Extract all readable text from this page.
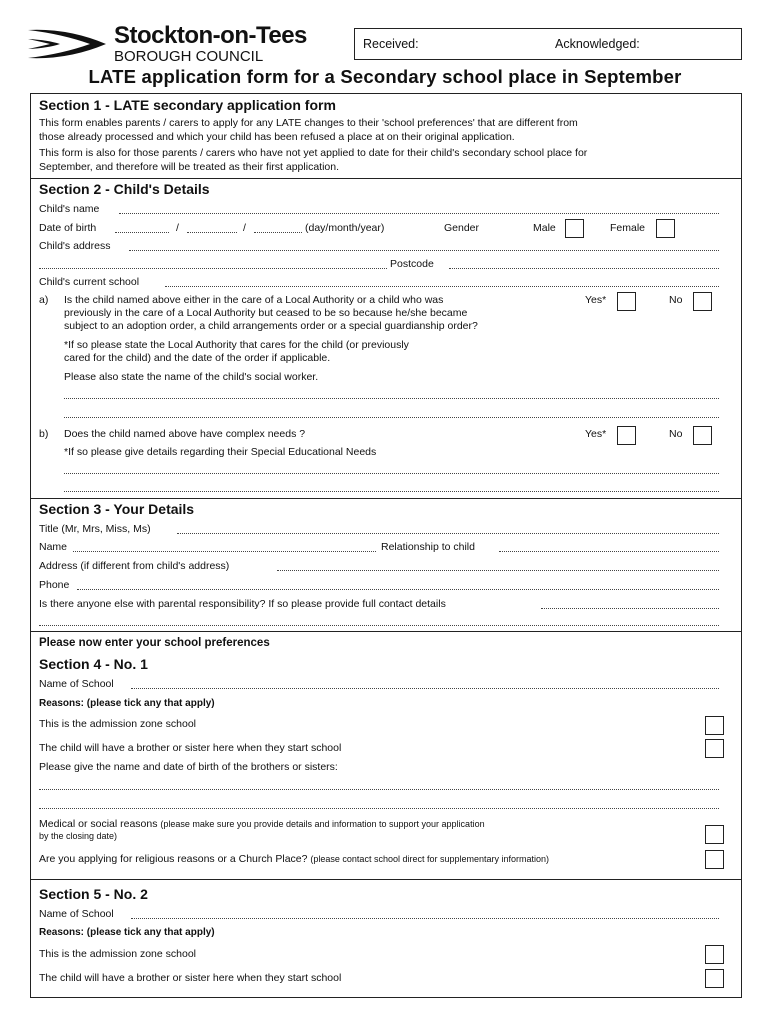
Stockton-on-Tees
BOROUGH COUNCIL
Received:	Acknowledged:
LATE application form for a Secondary school place in September
Section 1 - LATE secondary application form
This form enables parents / carers to apply for any LATE changes to their 'school preferences' that are different from
those already processed and which your child has been refused a place at on their original application.
This form is also for those parents / carers who have not yet applied to date for their child's secondary school place for
September, and therefore will be treated as their first application.
Section 2 - Child's Details
Child's name
Date of birth	/	/	(day/month/year)	Gender	Male	Female
Child's address
Postcode
Child's current school
a) Is the child named above either in the care of a Local Authority or a child who was
previously in the care of a Local Authority but ceased to be so because he/she became
subject to an adoption order, a child arrangements order or a special guardianship order?
Yes*	No
*If so please state the Local Authority that cares for the child (or previously
cared for the child) and the date of the order if applicable.
Please also state the name of the child's social worker.
b) Does the child named above have complex needs ?	Yes*	No
*If so please give details regarding their Special Educational Needs
Section 3 - Your Details
Title (Mr, Mrs, Miss, Ms)
Name	Relationship to child
Address (if different from child's address)
Phone
Is there anyone else with parental responsibility? If so please provide full contact details
Please now enter your school preferences
Section 4 - No. 1
Name of School
Reasons: (please tick any that apply)
This is the admission zone school
The child will have a brother or sister here when they start school
Please give the name and date of birth of the brothers or sisters:
Medical or social reasons (please make sure you provide details and information to support your application
by the closing date)
Are you applying for religious reasons or a Church Place? (please contact school direct for supplementary information)
Section 5 - No. 2
Name of School
Reasons: (please tick any that apply)
This is the admission zone school
The child will have a brother or sister here when they start school
